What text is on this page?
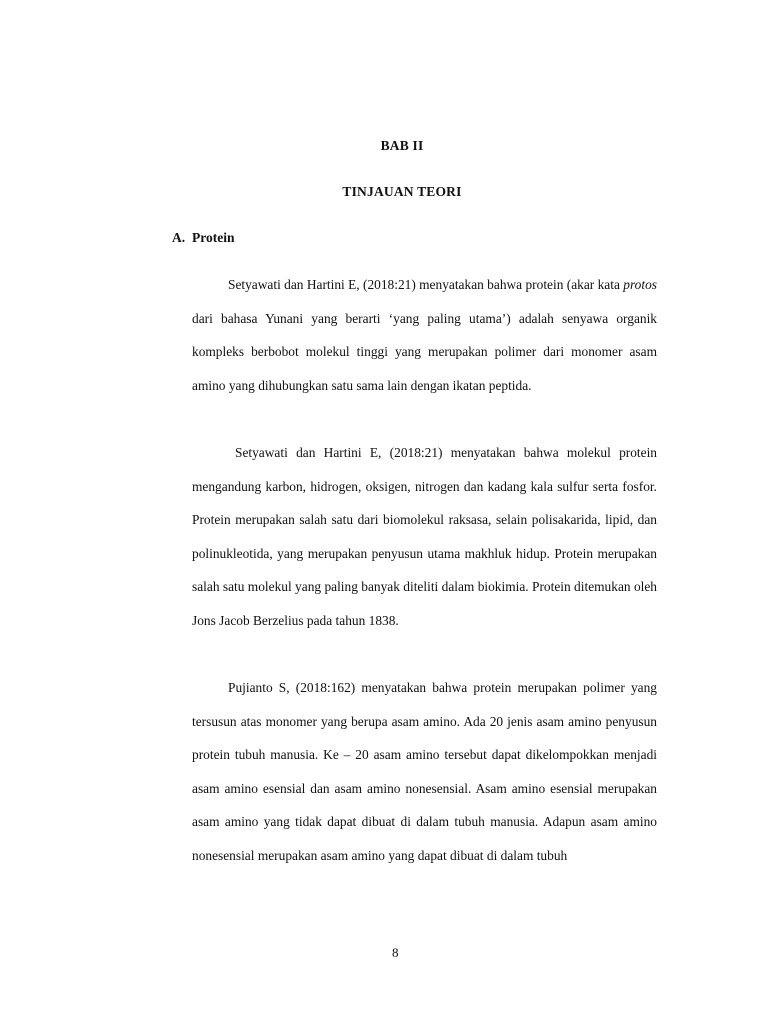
BAB II
TINJAUAN TEORI
A. Protein

Setyawati dan Hartini E, (2018:21) menyatakan bahwa protein (akar kata protos dari bahasa Yunani yang berarti ‘yang paling utama’) adalah senyawa organik kompleks berbobot molekul tinggi yang merupakan polimer dari monomer asam amino yang dihubungkan satu sama lain dengan ikatan peptida.

Setyawati dan Hartini E, (2018:21) menyatakan bahwa molekul protein mengandung karbon, hidrogen, oksigen, nitrogen dan kadang kala sulfur serta fosfor. Protein merupakan salah satu dari biomolekul raksasa, selain polisakarida, lipid, dan polinukleotida, yang merupakan penyusun utama makhluk hidup. Protein merupakan salah satu molekul yang paling banyak diteliti dalam biokimia. Protein ditemukan oleh Jons Jacob Berzelius pada tahun 1838.

Pujianto S, (2018:162) menyatakan bahwa protein merupakan polimer yang tersusun atas monomer yang berupa asam amino. Ada 20 jenis asam amino penyusun protein tubuh manusia. Ke – 20 asam amino tersebut dapat dikelompokkan menjadi asam amino esensial dan asam amino nonesensial. Asam amino esensial merupakan asam amino yang tidak dapat dibuat di dalam tubuh manusia. Adapun asam amino nonesensial merupakan asam amino yang dapat dibuat di dalam tubuh

8
